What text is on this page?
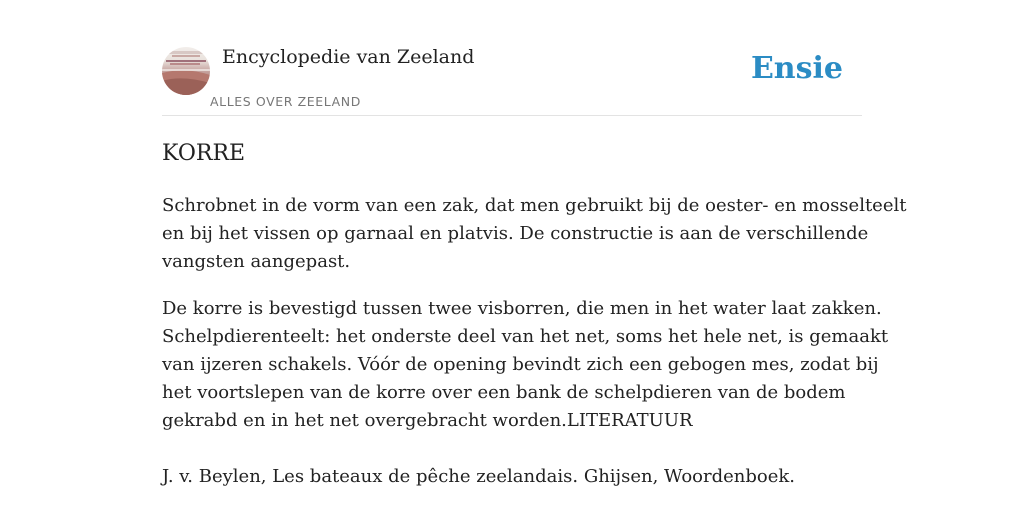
Encyclopedie van Zeeland
ALLES OVER ZEELAND
Ensie
KORRE
Schrobnet in de vorm van een zak, dat men gebruikt bij de oester- en mosselteelt
en bij het vissen op garnaal en platvis. De constructie is aan de verschillende
vangsten aangepast.
De korre is bevestigd tussen twee visborren, die men in het water laat zakken.
Schelpdierenteelt: het onderste deel van het net, soms het hele net, is gemaakt
van ijzeren schakels. Vóór de opening bevindt zich een gebogen mes, zodat bij
het voortslepen van de korre over een bank de schelpdieren van de bodem
gekrabd en in het net overgebracht worden.LITERATUUR
J. v. Beylen, Les bateaux de pêche zeelandais. Ghijsen, Woordenboek.
